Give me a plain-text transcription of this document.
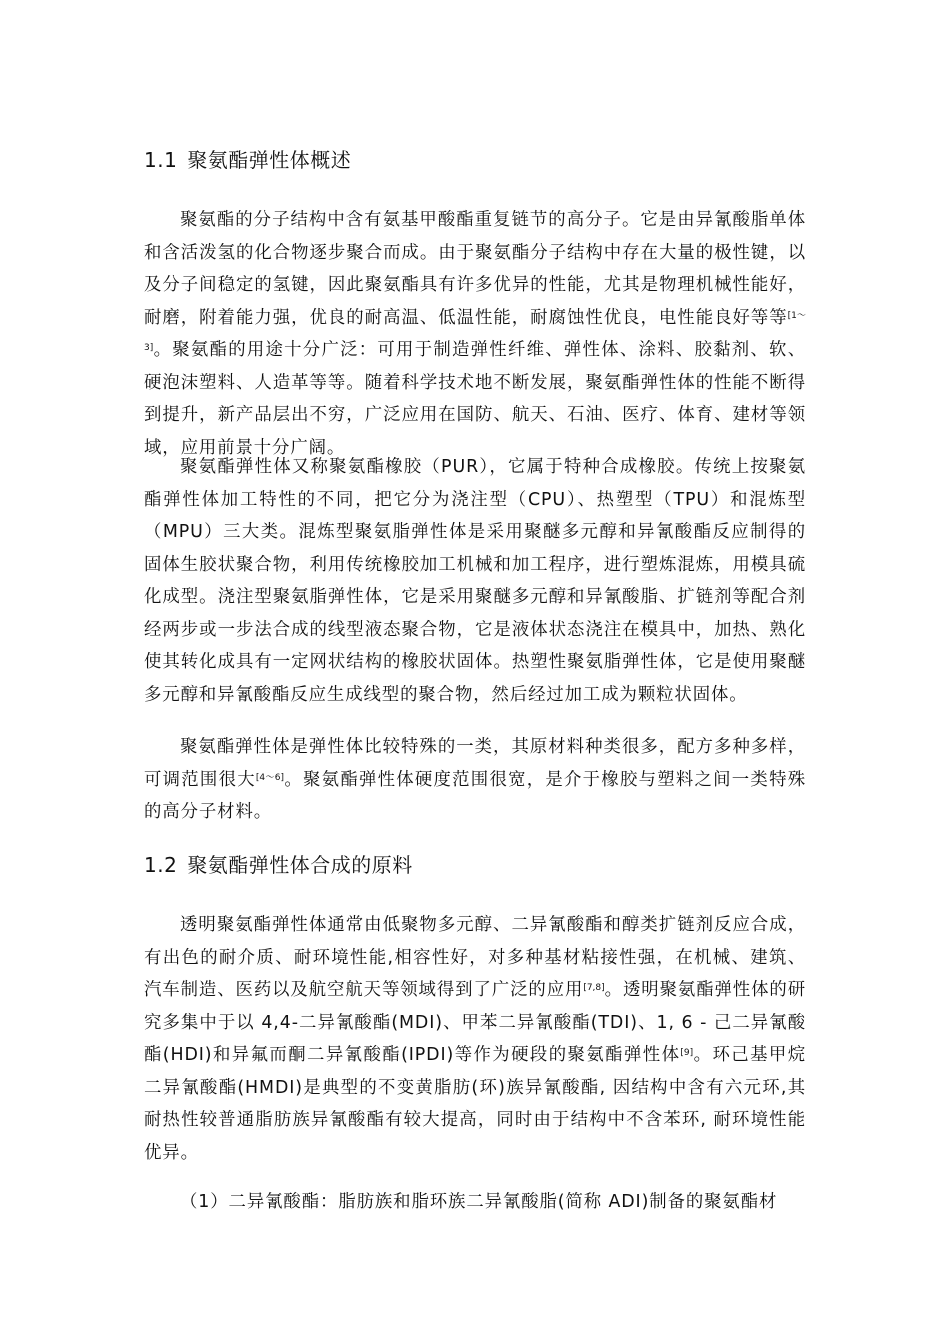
1.1 聚氨酯弹性体概述

聚氨酯的分子结构中含有氨基甲酸酯重复链节的高分子。它是由异氰酸脂单体和含活泼氢的化合物逐步聚合而成。由于聚氨酯分子结构中存在大量的极性键，以及分子间稳定的氢键，因此聚氨酯具有许多优异的性能，尤其是物理机械性能好，耐磨，附着能力强，优良的耐高温、低温性能，耐腐蚀性优良，电性能良好等等[1～3]。聚氨酯的用途十分广泛：可用于制造弹性纤维、弹性体、涂料、胶黏剂、软、硬泡沫塑料、人造革等等。随着科学技术地不断发展，聚氨酯弹性体的性能不断得到提升，新产品层出不穷，广泛应用在国防、航天、石油、医疗、体育、建材等领域，应用前景十分广阔。

聚氨酯弹性体又称聚氨酯橡胶（PUR），它属于特种合成橡胶。传统上按聚氨酯弹性体加工特性的不同，把它分为浇注型（CPU）、热塑型（TPU）和混炼型（MPU）三大类。混炼型聚氨脂弹性体是采用聚醚多元醇和异氰酸酯反应制得的固体生胶状聚合物，利用传统橡胶加工机械和加工程序，进行塑炼混炼，用模具硫化成型。浇注型聚氨脂弹性体，它是采用聚醚多元醇和异氰酸脂、扩链剂等配合剂经两步或一步法合成的线型液态聚合物，它是液体状态浇注在模具中，加热、熟化使其转化成具有一定网状结构的橡胶状固体。热塑性聚氨脂弹性体，它是使用聚醚多元醇和异氰酸酯反应生成线型的聚合物，然后经过加工成为颗粒状固体。

聚氨酯弹性体是弹性体比较特殊的一类，其原材料种类很多，配方多种多样，可调范围很大[4～6]。聚氨酯弹性体硬度范围很宽，是介于橡胶与塑料之间一类特殊的高分子材料。

1.2 聚氨酯弹性体合成的原料

透明聚氨酯弹性体通常由低聚物多元醇、二异氰酸酯和醇类扩链剂反应合成，有出色的耐介质、耐环境性能,相容性好，对多种基材粘接性强，在机械、建筑、汽车制造、医药以及航空航天等领域得到了广泛的应用[7,8]。透明聚氨酯弹性体的研究多集中于以 4,4-二异氰酸酯(MDI)、甲苯二异氰酸酯(TDI)、1, 6 - 己二异氰酸酯(HDI)和异氟而酮二异氰酸酯(IPDI)等作为硬段的聚氨酯弹性体[9]。环己基甲烷二异氰酸酯(HMDI)是典型的不变黄脂肪(环)族异氰酸酯, 因结构中含有六元环,其耐热性较普通脂肪族异氰酸酯有较大提高，同时由于结构中不含苯环, 耐环境性能优异。

（1）二异氰酸酯：脂肪族和脂环族二异氰酸脂(简称 ADI)制备的聚氨酯材
